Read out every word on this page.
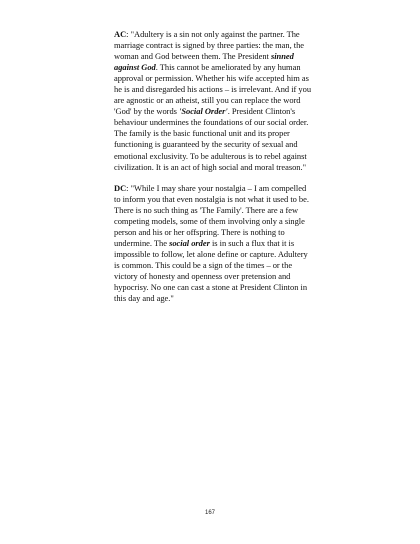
AC: "Adultery is a sin not only against the partner. The marriage contract is signed by three parties: the man, the woman and God between them. The President sinned against God. This cannot be ameliorated by any human approval or permission. Whether his wife accepted him as he is and disregarded his actions – is irrelevant. And if you are agnostic or an atheist, still you can replace the word 'God' by the words 'Social Order'. President Clinton's behaviour undermines the foundations of our social order. The family is the basic functional unit and its proper functioning is guaranteed by the security of sexual and emotional exclusivity. To be adulterous is to rebel against civilization. It is an act of high social and moral treason."

DC: "While I may share your nostalgia – I am compelled to inform you that even nostalgia is not what it used to be. There is no such thing as 'The Family'. There are a few competing models, some of them involving only a single person and his or her offspring. There is nothing to undermine. The social order is in such a flux that it is impossible to follow, let alone define or capture. Adultery is common. This could be a sign of the times – or the victory of honesty and openness over pretension and hypocrisy. No one can cast a stone at President Clinton in this day and age."

167
